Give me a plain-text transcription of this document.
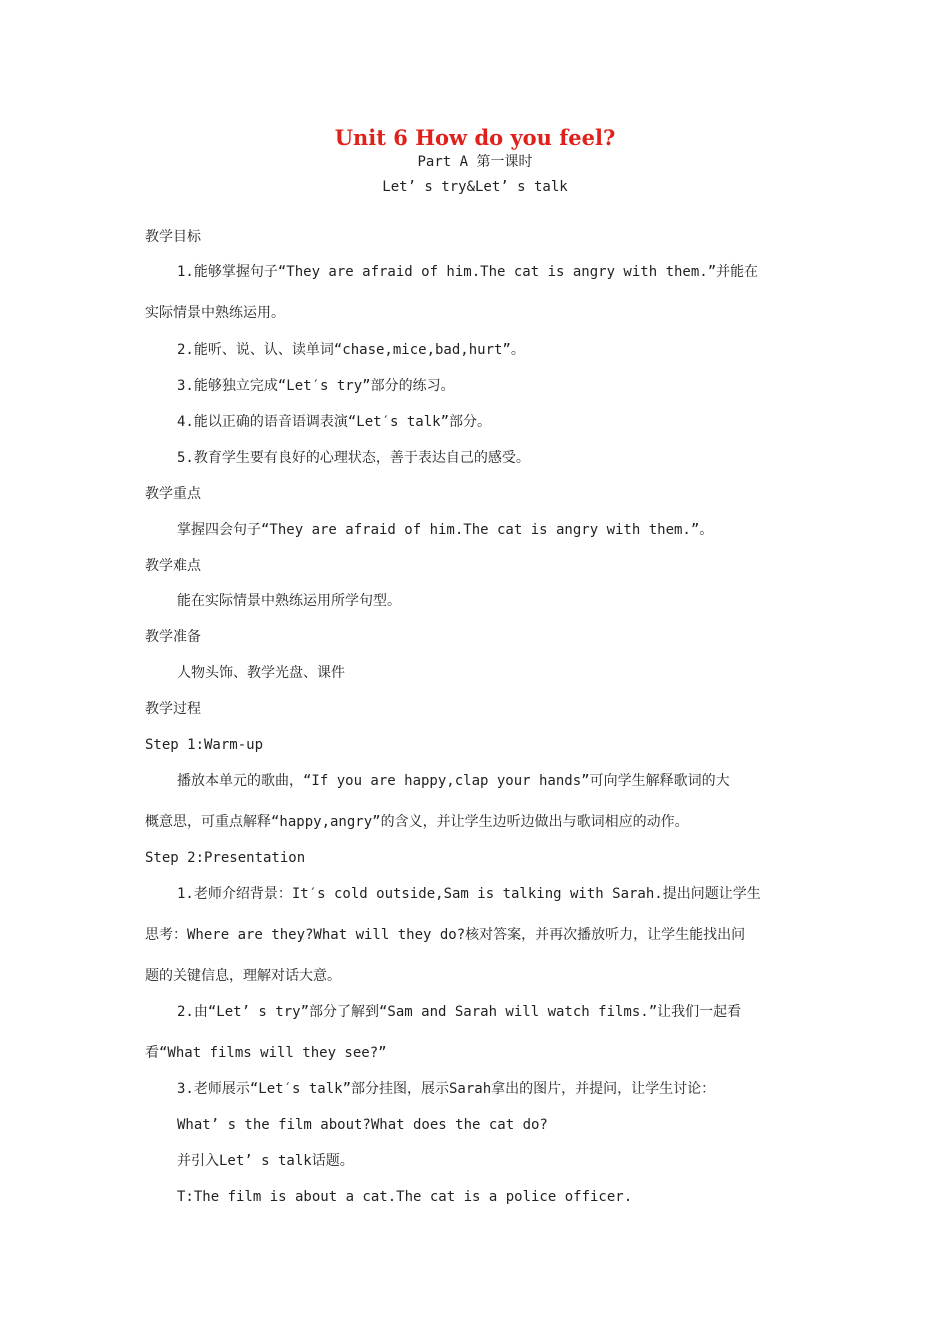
Unit 6 How do you feel?
Part A 第一课时
Let’ s try&Let’ s talk
教学目标
1.能够掌握句子“They are afraid of him.The cat is angry with them.”并能在
实际情景中熟练运用。
2.能听、说、认、读单词“chase,mice,bad,hurt”。
3.能够独立完成“Let′s try”部分的练习。
4.能以正确的语音语调表演“Let′s talk”部分。
5.教育学生要有良好的心理状态，善于表达自己的感受。
教学重点
掌握四会句子“They are afraid of him.The cat is angry with them.”。
教学难点
能在实际情景中熟练运用所学句型。
教学准备
人物头饰、教学光盘、课件
教学过程
Step 1:Warm-up
播放本单元的歌曲，“If you are happy,clap your hands”可向学生解释歌词的大
概意思，可重点解释“happy,angry”的含义，并让学生边听边做出与歌词相应的动作。
Step 2:Presentation
1.老师介绍背景：It′s cold outside,Sam is talking with Sarah.提出问题让学生
思考：Where are they?What will they do?核对答案，并再次播放听力，让学生能找出问
题的关键信息，理解对话大意。
2.由“Let’ s try”部分了解到“Sam and Sarah will watch films.”让我们一起看
看“What films will they see?”
3.老师展示“Let′s talk”部分挂图，展示Sarah拿出的图片，并提问，让学生讨论：
What’ s the film about?What does the cat do?
并引入Let’ s talk话题。
T:The film is about a cat.The cat is a police officer.
